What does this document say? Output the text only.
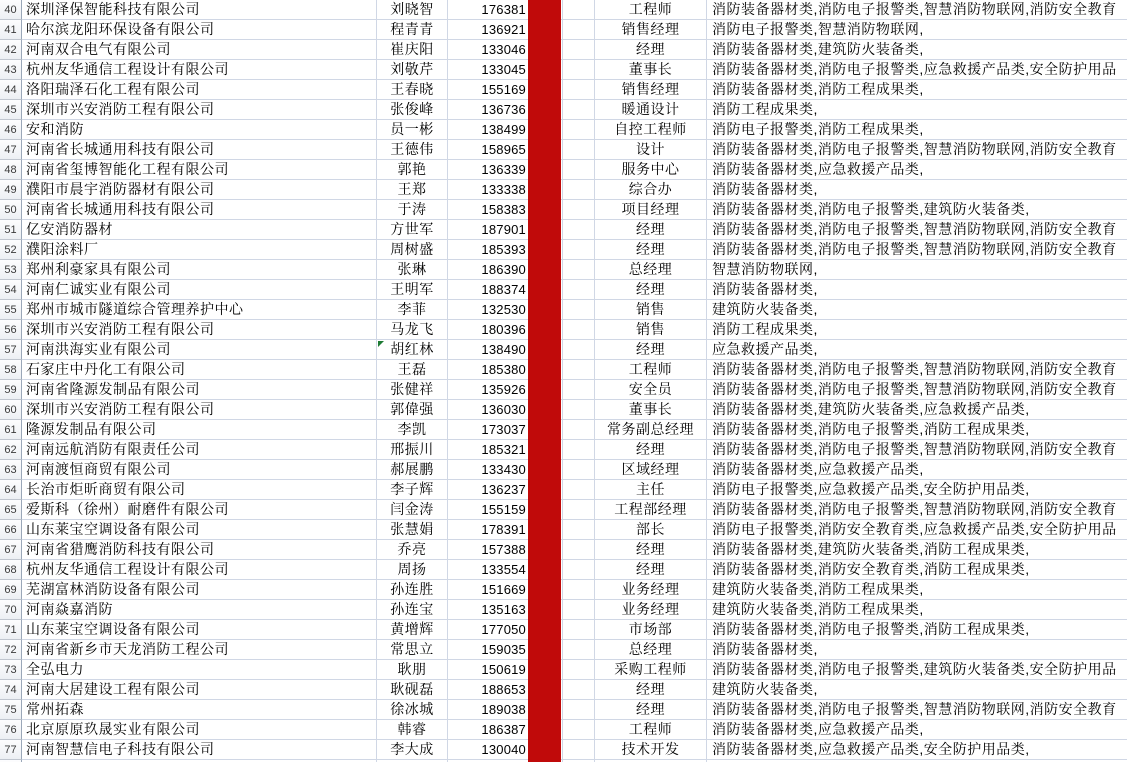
40 深圳泽保智能科技有限公司	刘晓智	176381	工程师	消防装备器材类,消防电子报警类,智慧消防物联网,消防安全教育
41 哈尔滨龙阳环保设备有限公司	程青青	136921	销售经理	消防电子报警类,智慧消防物联网,
42 河南双合电气有限公司	崔庆阳	133046	经理	消防装备器材类,建筑防火装备类,
43 杭州友华通信工程设计有限公司	刘敬芹	133045	董事长	消防装备器材类,消防电子报警类,应急救援产品类,安全防护用品
44 洛阳瑞泽石化工程有限公司	王春晓	155169	销售经理	消防装备器材类,消防工程成果类,
45 深圳市兴安消防工程有限公司	张俊峰	136736	暖通设计	消防工程成果类,
46 安和消防	员一彬	138499	自控工程师	消防电子报警类,消防工程成果类,
47 河南省长城通用科技有限公司	王德伟	158965	设计	消防装备器材类,消防电子报警类,智慧消防物联网,消防安全教育
48 河南省玺博智能化工程有限公司	郭艳	136339	服务中心	消防装备器材类,应急救援产品类,
49 濮阳市晨宇消防器材有限公司	王郑	133338	综合办	消防装备器材类,
50 河南省长城通用科技有限公司	于涛	158383	项目经理	消防装备器材类,消防电子报警类,建筑防火装备类,
51 亿安消防器材	方世军	187901	经理	消防装备器材类,消防电子报警类,智慧消防物联网,消防安全教育
52 濮阳涂料厂	周树盛	185393	经理	消防装备器材类,消防电子报警类,智慧消防物联网,消防安全教育
53 郑州利豪家具有限公司	张琳	186390	总经理	智慧消防物联网,
54 河南仁诚实业有限公司	王明军	188374	经理	消防装备器材类,
55 郑州市城市隧道综合管理养护中心	李菲	132530	销售	建筑防火装备类,
56 深圳市兴安消防工程有限公司	马龙飞	180396	销售	消防工程成果类,
57 河南洪海实业有限公司	胡红林	138490	经理	应急救援产品类,
58 石家庄中丹化工有限公司	王磊	185380	工程师	消防装备器材类,消防电子报警类,智慧消防物联网,消防安全教育
59 河南省隆源发制品有限公司	张健祥	135926	安全员	消防装备器材类,消防电子报警类,智慧消防物联网,消防安全教育
60 深圳市兴安消防工程有限公司	郭偉强	136030	董事长	消防装备器材类,建筑防火装备类,应急救援产品类,
61 隆源发制品有限公司	李凯	173037	常务副总经理	消防装备器材类,消防电子报警类,消防工程成果类,
62 河南远航消防有限责任公司	邢振川	185321	经理	消防装备器材类,消防电子报警类,智慧消防物联网,消防安全教育
63 河南渡恒商贸有限公司	郝展鹏	133430	区域经理	消防装备器材类,应急救援产品类,
64 长治市炬昕商贸有限公司	李子辉	136237	主任	消防电子报警类,应急救援产品类,安全防护用品类,
65 爱斯科（徐州）耐磨件有限公司	闫金涛	155159	工程部经理	消防装备器材类,消防电子报警类,智慧消防物联网,消防安全教育
66 山东莱宝空调设备有限公司	张慧娟	178391	部长	消防电子报警类,消防安全教育类,应急救援产品类,安全防护用品
67 河南省猎鹰消防科技有限公司	乔亮	157388	经理	消防装备器材类,建筑防火装备类,消防工程成果类,
68 杭州友华通信工程设计有限公司	周扬	133554	经理	消防装备器材类,消防安全教育类,消防工程成果类,
69 芜湖富林消防设备有限公司	孙连胜	151669	业务经理	建筑防火装备类,消防工程成果类,
70 河南焱嘉消防	孙连宝	135163	业务经理	建筑防火装备类,消防工程成果类,
71 山东莱宝空调设备有限公司	黄增辉	177050	市场部	消防装备器材类,消防电子报警类,消防工程成果类,
72 河南省新乡市天龙消防工程公司	常思立	159035	总经理	消防装备器材类,
73 全弘电力	耿朋	150619	采购工程师	消防装备器材类,消防电子报警类,建筑防火装备类,安全防护用品
74 河南大居建设工程有限公司	耿砚磊	188653	经理	建筑防火装备类,
75 常州拓森	徐冰城	189038	经理	消防装备器材类,消防电子报警类,智慧消防物联网,消防安全教育
76 北京原原玖晟实业有限公司	韩睿	186387	工程师	消防装备器材类,应急救援产品类,
77 河南智慧信电子科技有限公司	李大成	130040	技术开发	消防装备器材类,应急救援产品类,安全防护用品类,
